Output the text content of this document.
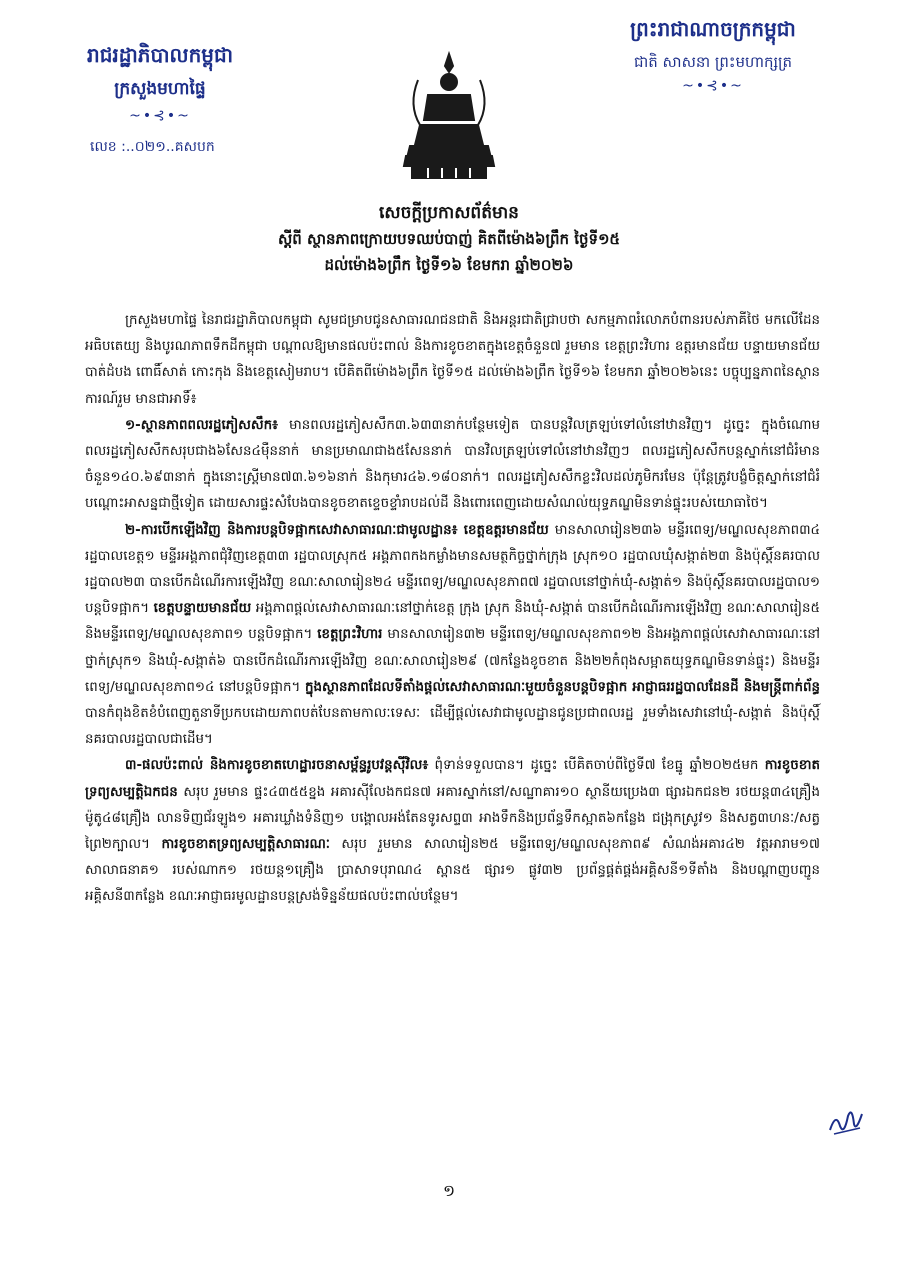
រាជរដ្ឋាភិបាលកម្ពុជា
ក្រសួងមហាផ្ទៃ
~•⊰•~
លេខ :..០២១..គសបក
ព្រះរាជាណាចក្រកម្ពុជា
ជាតិ សាសនា ព្រះមហាក្សត្រ
~•⊰•~
សេចក្តីប្រកាសព័ត៌មាន
ស្តីពី ស្ថានភាពក្រោយបទឈប់បាញ់ គិតពីម៉ោង៦ព្រឹក ថ្ងៃទី១៥
ដល់ម៉ោង៦ព្រឹក ថ្ងៃទី១៦ ខែមករា ឆ្នាំ២០២៦

ក្រសួងមហាផ្ទៃ នៃរាជរដ្ឋាភិបាលកម្ពុជា សូមជម្រាបជូនសាធារណជនជាតិ និងអន្តរជាតិជ្រាបថា សកម្មភាពរំលោភបំពានរបស់ភាគីថៃ មកលើដែនអធិបតេយ្យ និងបូរណភាពទឹកដីកម្ពុជា បណ្តាលឱ្យមានផលប៉ះពាល់ និងការខូចខាតក្នុងខេត្តចំនួន៧ រួមមាន ខេត្តព្រះវិហារ ឧត្តរមានជ័យ បន្ទាយមានជ័យ បាត់ដំបង ពោធិ៍សាត់ កោះកុង និងខេត្តសៀមរាប។ បើគិតពីម៉ោង៦ព្រឹក ថ្ងៃទី១៥ ដល់ម៉ោង៦ព្រឹក ថ្ងៃទី១៦ ខែមករា ឆ្នាំ២០២៦នេះ បច្ចុប្បន្នភាពនៃស្ថានការណ៍រួម មានជាអាទិ៍៖

១-ស្ថានភាពពលរដ្ឋភៀសសឹក៖ មានពលរដ្ឋភៀសសឹក៣.៦៣៣នាក់បន្ថែមទៀត បានបន្តវិលត្រឡប់ទៅលំនៅឋានវិញ។ ដូច្នេះ ក្នុងចំណោមពលរដ្ឋភៀសសឹកសរុបជាង៦សែន៤ម៉ឺននាក់ មានប្រមាណជាង៥សែននាក់ បានវិលត្រឡប់ទៅលំនៅឋានវិញៗ ពលរដ្ឋភៀសសឹកបន្តស្នាក់នៅជំរំមានចំនួន១៤០.៦៩៣នាក់ ក្នុងនោះស្ត្រីមាន៧៣.៦១៦នាក់ និងកុមារ៤៦.១៨០នាក់។ ពលរដ្ឋភៀសសឹកខ្លះវិលដល់ភូមិករមែន ប៉ុន្តែត្រូវបង្ខំចិត្តស្នាក់នៅជំរំបណ្តោះអាសន្នជាថ្មីទៀត ដោយសារផ្ទះសំបែងបានខូចខាតខ្ទេចខ្ទាំរាបដល់ដី និងពោរពេញដោយសំណល់យុទ្ធភណ្ឌមិនទាន់ផ្ទុះរបស់យោធាថៃ។

២-ការបើកឡើងវិញ និងការបន្តបិទផ្អាកសេវាសាធារណៈជាមូលដ្ឋាន៖ ខេត្តឧត្តរមានជ័យ មានសាលារៀន២៣៦ មន្ទីរពេទ្យ/មណ្ឌលសុខភាព៣៤ រដ្ឋបាលខេត្ត១ មន្ទីរអង្គភាពជុំវិញខេត្ត៣៣ រដ្ឋបាលស្រុក៥ អង្គភាពកងកម្លាំងមានសមត្ថកិច្ចថ្នាក់ក្រុង ស្រុក១០ រដ្ឋបាលឃុំសង្កាត់២៣ និងប៉ុស្តិ៍នគរបាលរដ្ឋបាល២៣ បានបើកដំណើរការឡើងវិញ ខណៈសាលារៀន២៤ មន្ទីរពេទ្យ/មណ្ឌលសុខភាព៧ រដ្ឋបាលនៅថ្នាក់ឃុំ-សង្កាត់១ និងប៉ុស្តិ៍នគរបាលរដ្ឋបាល១ បន្តបិទផ្អាក។ ខេត្តបន្ទាយមានជ័យ អង្គភាពផ្តល់សេវាសាធារណៈនៅថ្នាក់ខេត្ត ក្រុង ស្រុក និងឃុំ-សង្កាត់ បានបើកដំណើរការឡើងវិញ ខណៈសាលារៀន៥ និងមន្ទីរពេទ្យ/មណ្ឌលសុខភាព១ បន្តបិទផ្អាក។ ខេត្តព្រះវិហារ មានសាលារៀន៣២ មន្ទីរពេទ្យ/មណ្ឌលសុខភាព១២ និងអង្គភាពផ្តល់សេវាសាធារណៈនៅថ្នាក់ស្រុក១ និងឃុំ-សង្កាត់៦ បានបើកដំណើរការឡើងវិញ ខណៈសាលារៀន២៩ (៧កន្លែងខូចខាត និង២២កំពុងសម្អាតយុទ្ធភណ្ឌមិនទាន់ផ្ទុះ) និងមន្ទីរពេទ្យ/មណ្ឌលសុខភាព១៤ នៅបន្តបិទផ្អាក។ ក្នុងស្ថានភាពដែលទីតាំងផ្តល់សេវាសាធារណៈមួយចំនួនបន្តបិទផ្អាក អាជ្ញាធររដ្ឋបាលដែនដី និងមន្ត្រីពាក់ព័ន្ធ បានកំពុងខិតខំបំពេញតួនាទីប្រកបដោយភាពបត់បែនតាមកាលៈទេសៈ ដើម្បីផ្តល់សេវាជាមូលដ្ឋានជូនប្រជាពលរដ្ឋ រួមទាំងសេវានៅឃុំ-សង្កាត់ និងប៉ុស្តិ៍នគរបាលរដ្ឋបាលជាដើម។

៣-ផលប៉ះពាល់ និងការខូចខាតហេដ្ឋារចនាសម្ព័ន្ធរូបវន្តស៊ីវិល៖ ពុំទាន់ទទួលបាន។ ដូច្នេះ បើគិតចាប់ពីថ្ងៃទី៧ ខែធ្នូ ឆ្នាំ២០២៥មក ការខូចខាតទ្រព្យសម្បត្តិឯកជន សរុប រួមមាន ផ្ទះ៤៣៥៥ខ្នង អគារស៊ីលែងកជន៧ អគារស្នាក់នៅ/សណ្ឋាគារ១០ ស្ថានីយប្រេង៣ ផ្សារឯកជន២ រថយន្ត៣៤គ្រឿង ម៉ូតូ៤៨គ្រឿង លានទិញជ័រឡូង១ អគារឃ្លាំងទំនិញ១ បង្គោលអង់តែនទូរសព្ទ៣ អាងទឹកនិងប្រព័ន្ធទឹកស្អាត៦កន្លែង ជង្រុកស្រូវ១ និងសត្វ៣ហនៈ/សត្វព្រៃ២ក្បាល។ ការខូចខាតទ្រព្យសម្បត្តិសាធារណៈ សរុប រួមមាន សាលារៀន២៥ មន្ទីរពេទ្យ/មណ្ឌលសុខភាព៩ សំណង់អគារ៤២ វត្តអារាម១៧ សាលាធនាគ១ របស់ណាក១ រថយន្ត១គ្រឿង ប្រាសាទបុរាណ៤ ស្ពាន៥ ផ្សារ១ ផ្លូវ៣២ ប្រព័ន្ធផ្គត់ផ្គង់អគ្គិសនី១ទីតាំង និងបណ្តាញបញ្ជូនអគ្គិសនី៣កន្លែង ខណៈអាជ្ញាធរមូលដ្ឋានបន្តស្រង់ទិន្នន័យផលប៉ះពាល់បន្ថែម។

១
